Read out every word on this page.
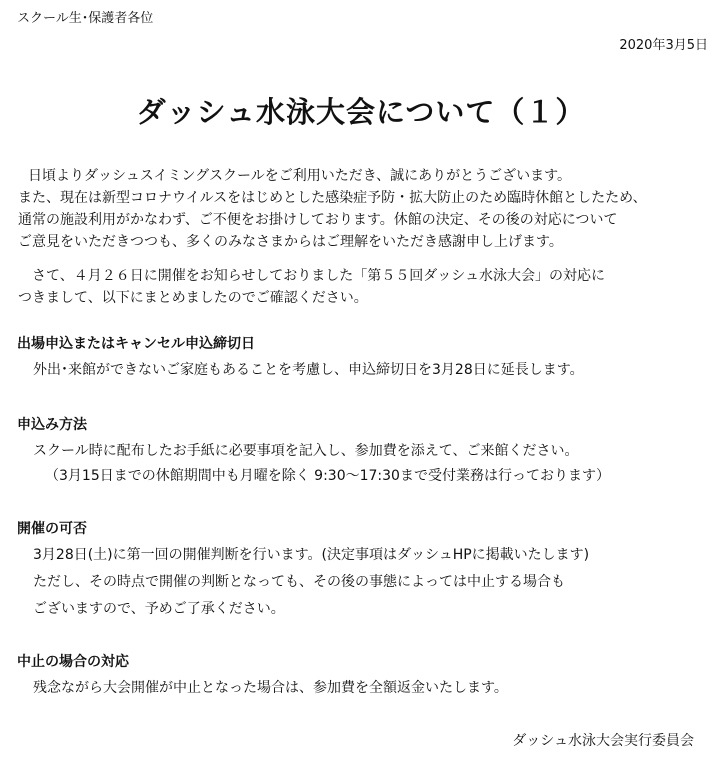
スクール生･保護者各位
2020年3月5日
ダッシュ水泳大会について（１）
日頃よりダッシュスイミングスクールをご利用いただき、誠にありがとうございます。
また、現在は新型コロナウイルスをはじめとした感染症予防・拡大防止のため臨時休館としたため、
通常の施設利用がかなわず、ご不便をお掛けしております。休館の決定、その後の対応について
ご意見をいただきつつも、多くのみなさまからはご理解をいただき感謝申し上げます。
さて、４月２６日に開催をお知らせしておりました「第５５回ダッシュ水泳大会」の対応に
つきまして、以下にまとめましたのでご確認ください。
出場申込またはキャンセル申込締切日
外出･来館ができないご家庭もあることを考慮し、申込締切日を3月28日に延長します。
申込み方法
スクール時に配布したお手紙に必要事項を記入し、参加費を添えて、ご来館ください。
（3月15日までの休館期間中も月曜を除く 9:30～17:30まで受付業務は行っております）
開催の可否
3月28日(土)に第一回の開催判断を行います。(決定事項はダッシュHPに掲載いたします)
ただし、その時点で開催の判断となっても、その後の事態によっては中止する場合も
ございますので、予めご了承ください。
中止の場合の対応
残念ながら大会開催が中止となった場合は、参加費を全額返金いたします。
ダッシュ水泳大会実行委員会
